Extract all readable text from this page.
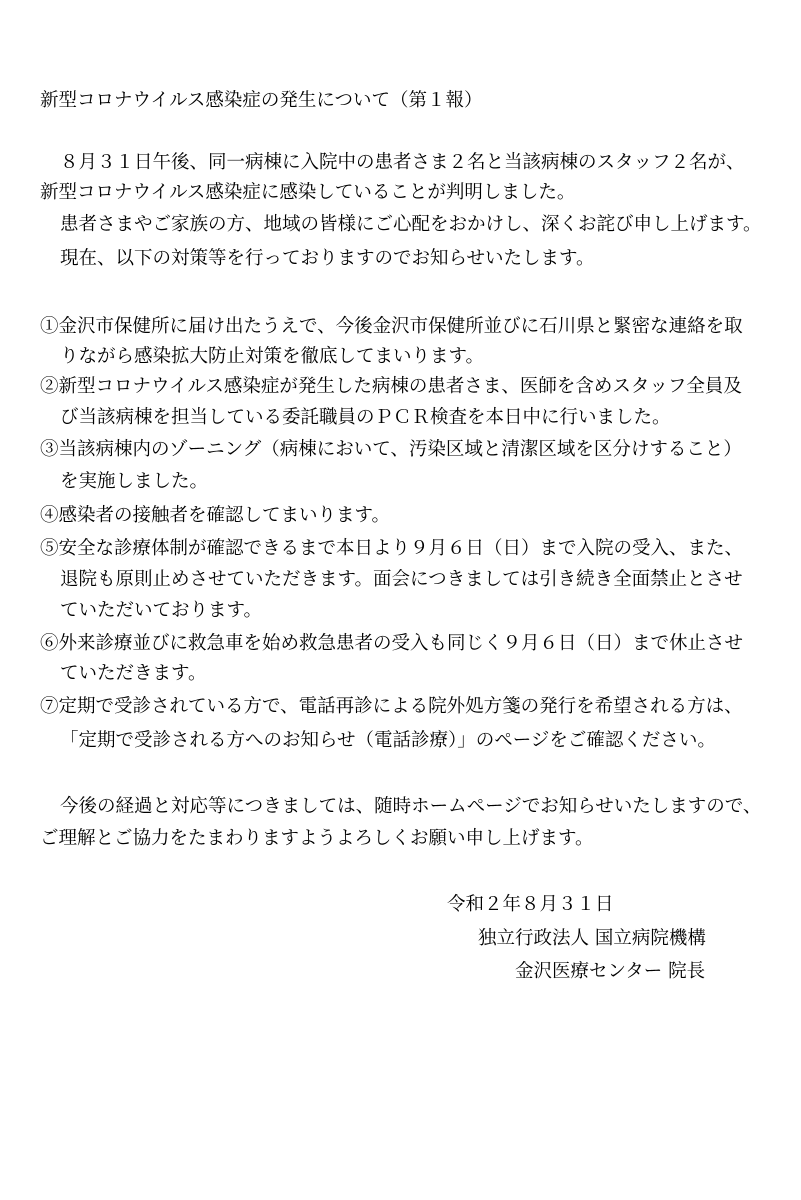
新型コロナウイルス感染症の発生について（第１報）
８月３１日午後、同一病棟に入院中の患者さま２名と当該病棟のスタッフ２名が、
新型コロナウイルス感染症に感染していることが判明しました。
患者さまやご家族の方、地域の皆様にご心配をおかけし、深くお詫び申し上げます。
現在、以下の対策等を行っておりますのでお知らせいたします。
①金沢市保健所に届け出たうえで、今後金沢市保健所並びに石川県と緊密な連絡を取
りながら感染拡大防止対策を徹底してまいります。
②新型コロナウイルス感染症が発生した病棟の患者さま、医師を含めスタッフ全員及
び当該病棟を担当している委託職員のＰＣＲ検査を本日中に行いました。
③当該病棟内のゾーニング（病棟において、汚染区域と清潔区域を区分けすること）
を実施しました。
④感染者の接触者を確認してまいります。
⑤安全な診療体制が確認できるまで本日より９月６日（日）まで入院の受入、また、
退院も原則止めさせていただきます。面会につきましては引き続き全面禁止とさせ
ていただいております。
⑥外来診療並びに救急車を始め救急患者の受入も同じく９月６日（日）まで休止させ
ていただきます。
⑦定期で受診されている方で、電話再診による院外処方箋の発行を希望される方は、
「定期で受診される方へのお知らせ（電話診療）」のページをご確認ください。
今後の経過と対応等につきましては、随時ホームページでお知らせいたしますので、
ご理解とご協力をたまわりますようよろしくお願い申し上げます。
令和２年８月３１日
独立行政法人 国立病院機構
金沢医療センター 院長
